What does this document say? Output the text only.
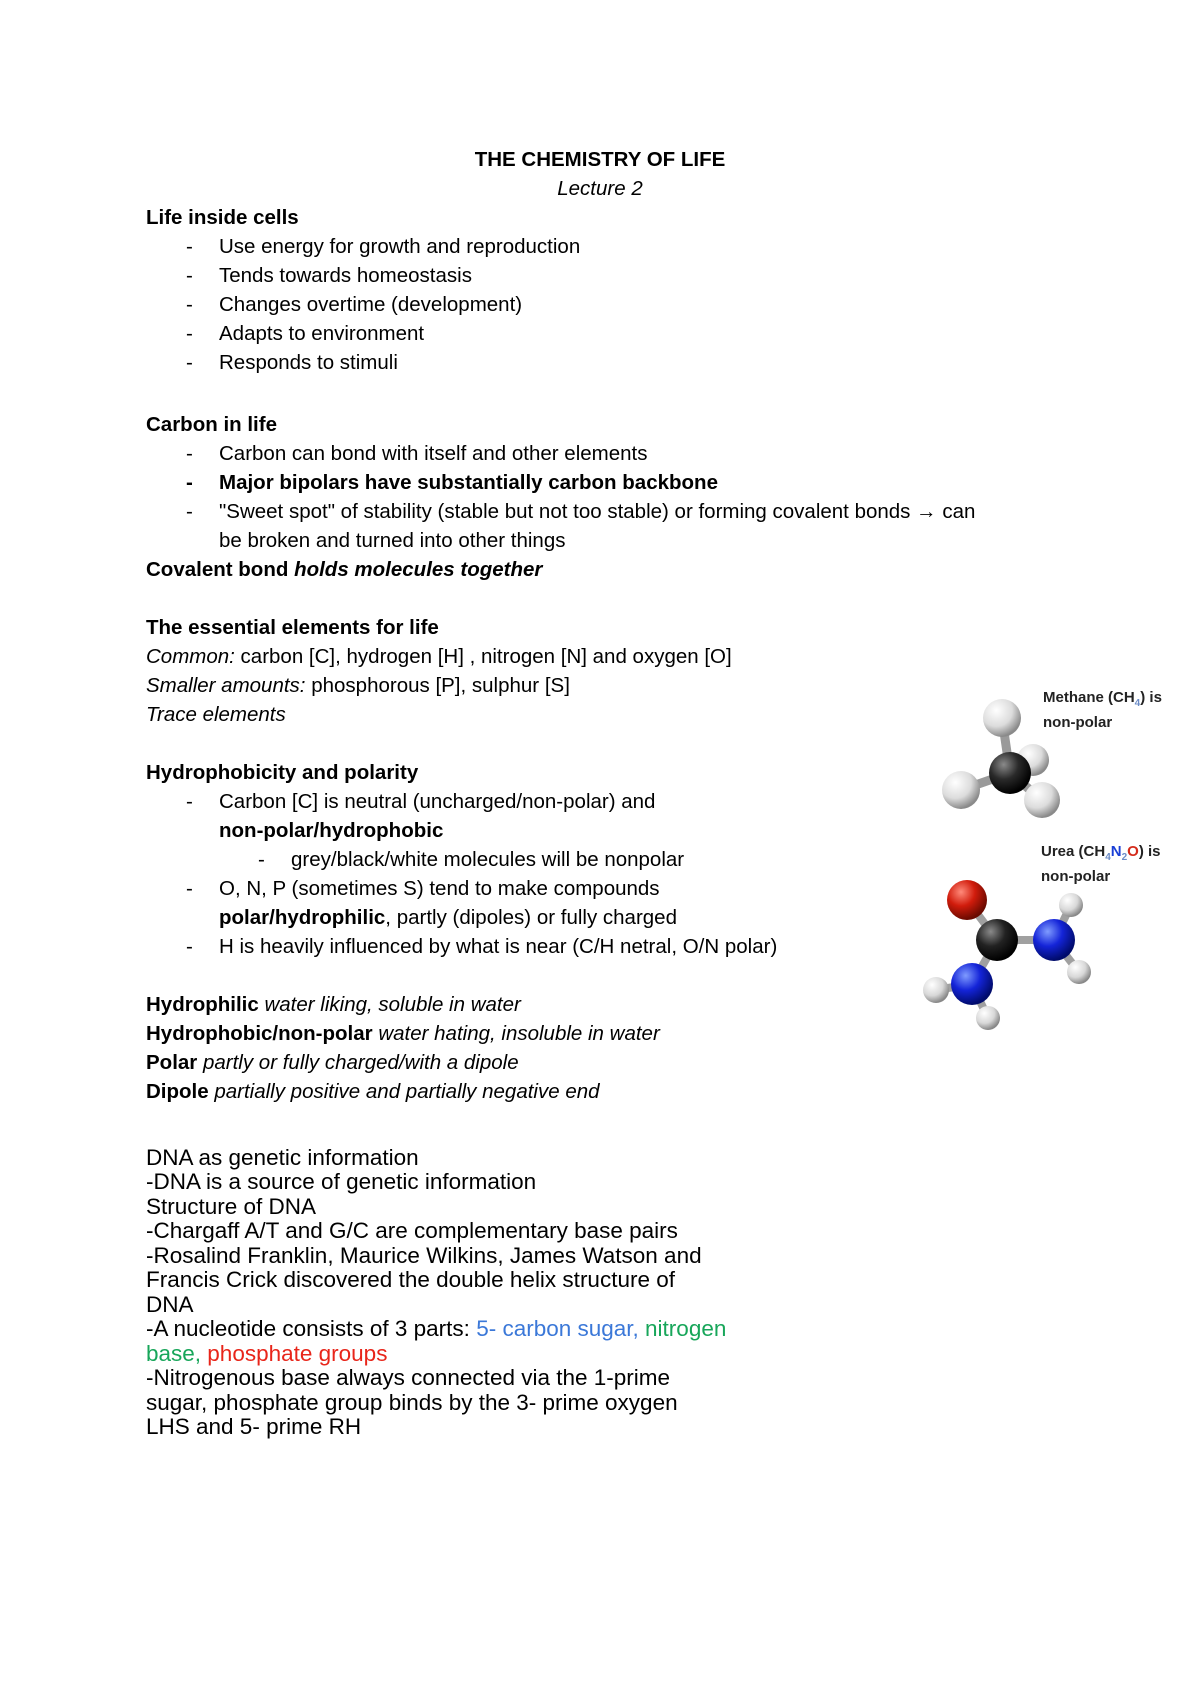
THE CHEMISTRY OF LIFE
Lecture 2
Life inside cells
- Use energy for growth and reproduction
- Tends towards homeostasis
- Changes overtime (development)
- Adapts to environment
- Responds to stimuli
Carbon in life
- Carbon can bond with itself and other elements
- Major bipolars have substantially carbon backbone
- "Sweet spot" of stability (stable but not too stable) or forming covalent bonds → can
be broken and turned into other things
Covalent bond holds molecules together
The essential elements for life
Common: carbon [C], hydrogen [H] , nitrogen [N] and oxygen [O]
Smaller amounts: phosphorous [P], sulphur [S]
Trace elements
Hydrophobicity and polarity
- Carbon [C] is neutral (uncharged/non-polar) and
non-polar/hydrophobic
- grey/black/white molecules will be nonpolar
- O, N, P (sometimes S) tend to make compounds
polar/hydrophilic, partly (dipoles) or fully charged
- H is heavily influenced by what is near (C/H netral, O/N polar)
Hydrophilic water liking, soluble in water
Hydrophobic/non-polar water hating, insoluble in water
Polar partly or fully charged/with a dipole
Dipole partially positive and partially negative end
DNA as genetic information
-DNA is a source of genetic information
Structure of DNA
-Chargaff A/T and G/C are complementary base pairs
-Rosalind Franklin, Maurice Wilkins, James Watson and
Francis Crick discovered the double helix structure of
DNA
-A nucleotide consists of 3 parts: 5- carbon sugar, nitrogen
base, phosphate groups
-Nitrogenous base always connected via the 1-prime
sugar, phosphate group binds by the 3- prime oxygen
LHS and 5- prime RH
Methane $(CH_4)$ is
non-polar
Urea $(CH_4N_2O)$ is
non-polar
